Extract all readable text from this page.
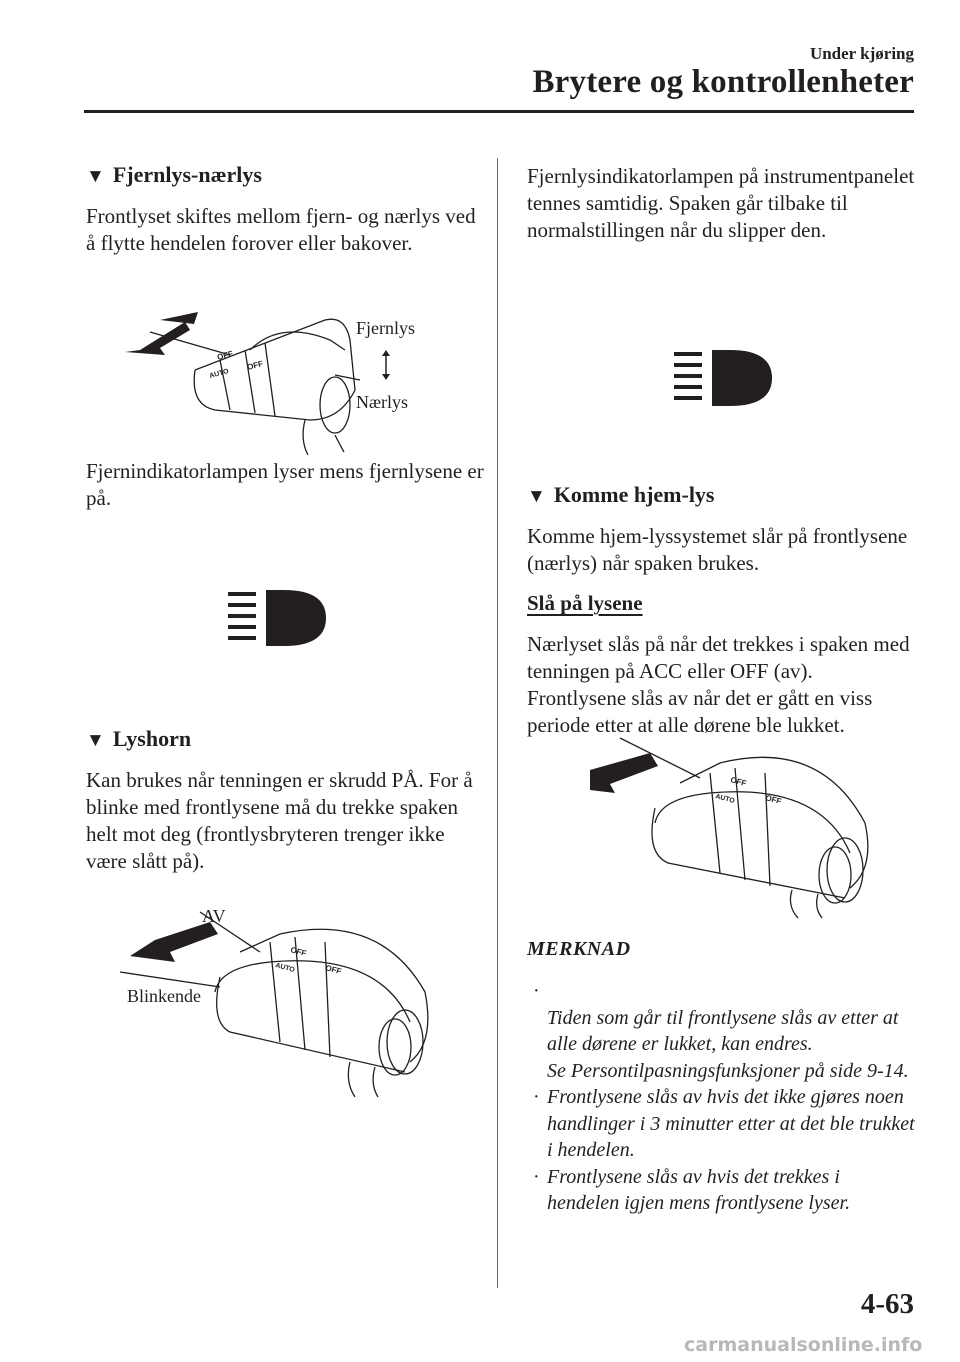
Under kjøring
Brytere og kontrollenheter
▼ Fjernlys-nærlys
Frontlyset skiftes mellom fjern- og nærlys ved å flytte hendelen forover eller bakover.
OFF
AUTO
OFF
Fjernlys
Nærlys
Fjernindikatorlampen lyser mens fjernlysene er på.
▼ Lyshorn
Kan brukes når tenningen er skrudd PÅ. For å blinke med frontlysene må du trekke spaken helt mot deg (frontlysbryteren trenger ikke være slått på).
OFF
AUTO	OFF
AV
Blinkende
Fjernlysindikatorlampen på instrumentpanelet tennes samtidig. Spaken går tilbake til normalstillingen når du slipper den.
▼ Komme hjem-lys
Komme hjem-lyssystemet slår på frontlysene (nærlys) når spaken brukes.
Slå på lysene
Nærlyset slås på når det trekkes i spaken med tenningen på ACC eller OFF (av). Frontlysene slås av når det er gått en viss periode etter at alle dørene ble lukket.
OFF
AUTO	OFF
MERKNAD

·
Tiden som går til frontlysene slås av etter at alle dørene er lukket, kan endres.
Se Persontilpasningsfunksjoner på side 9-14.

· Frontlysene slås av hvis det ikke gjøres noen handlinger i 3 minutter etter at det ble trukket i hendelen.
· Frontlysene slås av hvis det trekkes i hendelen igjen mens frontlysene lyser.
4-63
carmanualsonline.info
